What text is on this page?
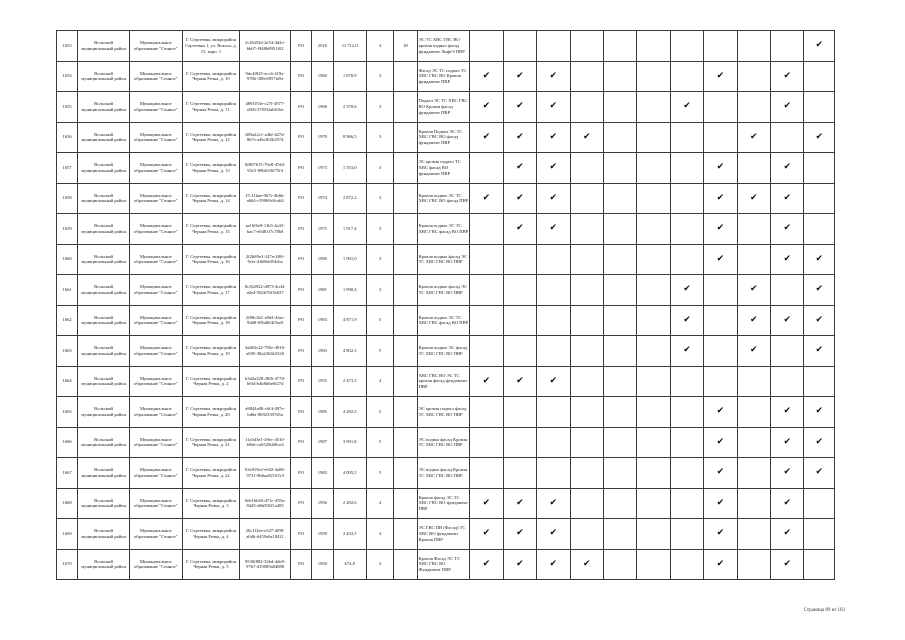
1653	Вольский муниципальный район	Муниципальное образование "Сенное"	Г. Сергеевка, микрорайон Сергеевка 1, ул. Вокзал, д. 15, корп. 1	2cf5d53d-2e54-4d2e-bb07-f948b8951f02	РО	2016	11 712,0	4	18	ЭС ТС ХВС ГВС ВО кровля подвал фасад фундамент ЛифтЭ ПВР											✔
1654	Вольский муниципальный район	Муниципальное образование "Сенное"	Г. Сергеевка, микрорайон Черная Речка, д. 10	9dc4f825-acc6-419a-978b-300c8957fa9e	РО	1960	1 878,9	3		Фасад ЭС ТС подвал ТС ХВС ГВС ВО Кровля фундамент ПВР	✔	✔	✔					✔		✔	
1655	Вольский муниципальный район	Муниципальное образование "Сенное"	Г. Сергеевка, микрорайон Черная Речка, д. 11	4891f53e-c27f-4977-a506-37f832ab616e	РО	1968	2 370,6	3		Подвал ЭС ТС ХВС ГВС ВО Кровля фасад фундамент ПВР	✔	✔	✔				✔			✔	
1656	Вольский муниципальный район	Муниципальное образование "Сенное"	Г. Сергеевка, микрорайон Черная Речка, д. 12	d85a22c1-a4bf-427d-8b7e-a4bc8f2b2974	РО	1970	8 966,5	3		Кровля Подвал ЭС ТС ХВС ГВС ВО фасад фундамент ПВР	✔	✔	✔	✔					✔		✔
1657	Вольский муниципальный район	Муниципальное образование "Сенное"	Г. Сергеевка, микрорайон Черная Речка, д. 13	8f807615-76e8-47d4-93c5-89b61f6f75f4	РО	1973	1 553,0	3		ЭС кровля подвал ТС ХВС фасад ВО фундамент ПВР		✔	✔					✔		✔	
1658	Вольский муниципальный район	Муниципальное образование "Сенное"	Г. Сергеевка, микрорайон Черная Речка, д. 14	f7c11bae-067e-4b6b-a664-c59969c0ca64	РО	1974	2 872,2	3		Кровля подвал ЭС ТС ХВС ГВС ВО фасад ПВР	✔	✔	✔					✔	✔	✔	
1659	Вольский муниципальный район	Муниципальное образование "Сенное"	Г. Сергеевка, микрорайон Черная Речка, д. 15	aa16f6e9-11b5-4a33-bac7-e0d81f7c78b8	РО	1975	1 917,4	3		Кровля подвал ЭС ТС ХВС ГВС фасад ВО ПВР		✔	✔					✔		✔	
1660	Вольский муниципальный район	Муниципальное образование "Сенное"	Г. Сергеевка, микрорайон Черная Речка, д. 16	2f2b89e3-247a-4f8f-9cfe-4fb8bfd54cba	РО	1980	1 901,0	3		Кровля подвал фасад ЭС ТС ХВС ГВС ВО ПВР								✔		✔	✔
1661	Вольский муниципальный район	Муниципальное образование "Сенное"	Г. Сергеевка, микрорайон Черная Речка, д. 17	8c562922-d873-4cd4-a0e4-502b76f1b637	РО	1981	1 990,4	3		Кровля подвал фасад ЭС ТС ХВС ГВС ВО ПВР							✔		✔		✔
1662	Вольский муниципальный район	Муниципальное образование "Сенное"	Г. Сергеевка, микрорайон Черная Речка, д. 18	2f88c2b1-a9d4-4fae-9dd8-05bd0f4f5ee0	РО	1983	4 871,9	5		Кровля подвал ЭС ТС ХВС ГВС фасад ВО ПВР							✔		✔	✔	✔
1663	Вольский муниципальный район	Муниципальное образование "Сенное"	Г. Сергеевка, микрорайон Черная Речка, д. 19	3ad63c22-795e-4916-a695-38a2363b5326	РО	1983	4 802,3	5		Кровля подвал ЭС фасад ТС ХВС ГВС ВО ПВР							✔		✔		✔
1664	Вольский муниципальный район	Муниципальное образование "Сенное"	Г. Сергеевка, микрорайон Черная Речка, д. 2	b3d2a228-28f6-4770-b6f4-b4b8d6e0f27d	РО	1955	2 473,3	4		ХВС ГВС ВО ЭС ТС кровля фасад фундамент ПВР	✔	✔	✔								
1665	Вольский муниципальный район	Муниципальное образование "Сенное"	Г. Сергеевка, микрорайон Черная Речка, д. 20	e8844a08-c6f4-497e-bd6a-86923397d5a	РО	1985	4 292,5	5		ЭС кровля подвал фасад ТС ХВС ГВС ВО ПВР								✔		✔	✔
1666	Вольский муниципальный район	Муниципальное образование "Сенное"	Г. Сергеевка, микрорайон Черная Речка, д. 21	11a5d3e1-49ec-4510-b9de-ca6528d40ce4	РО	1987	3 991,8	5		ЭС подвал фасад Кровля ТС ХВС ГВС ВО ПВР								✔		✔	✔
1667	Вольский муниципальный район	Муниципальное образование "Сенное"	Г. Сергеевка, микрорайон Черная Речка, д. 22	63e819e2-e942-4a86-9731-9b6aa92167e3	РО	1983	4 095,5	5		ЭС подвал фасад Кровля ТС ХВС ГВС ВО ПВР								✔		✔	✔
1668	Вольский муниципальный район	Муниципальное образование "Сенное"	Г. Сергеевка, микрорайон Черная Речка, д. 3	9eb16b40-d71c-459a-84d5-d6b59f21a485	РО	1956	2 492,6	4		Кровля фасад ЭС ТС ХВС ГВС ВО фундамент ПВР	✔	✔	✔					✔		✔	
1669	Вольский муниципальный район	Муниципальное образование "Сенное"	Г. Сергеевка, микрорайон Черная Речка, д. 4	20c1f2ea-e347-4f98-a0d6-6459a0a18421	РО	1959	2 433,5	4		ЭС ГВС ПВ (Фасад) ТС ХВС ВО фундамент Кровля ПВР	✔	✔	✔					✔		✔	
1670	Вольский муниципальный район	Муниципальное образование "Сенное"	Г. Сергеевка, микрорайон Черная Речка, д. 5	9530f882-32bd-4de8-97b7-d19089a84888	РО	1950	674,8	2		Кровля Фасад ЭС ТС ХВС ГВС ВО Фундамент ПВР	✔	✔	✔	✔				✔		✔	
Страница 89 из 103
